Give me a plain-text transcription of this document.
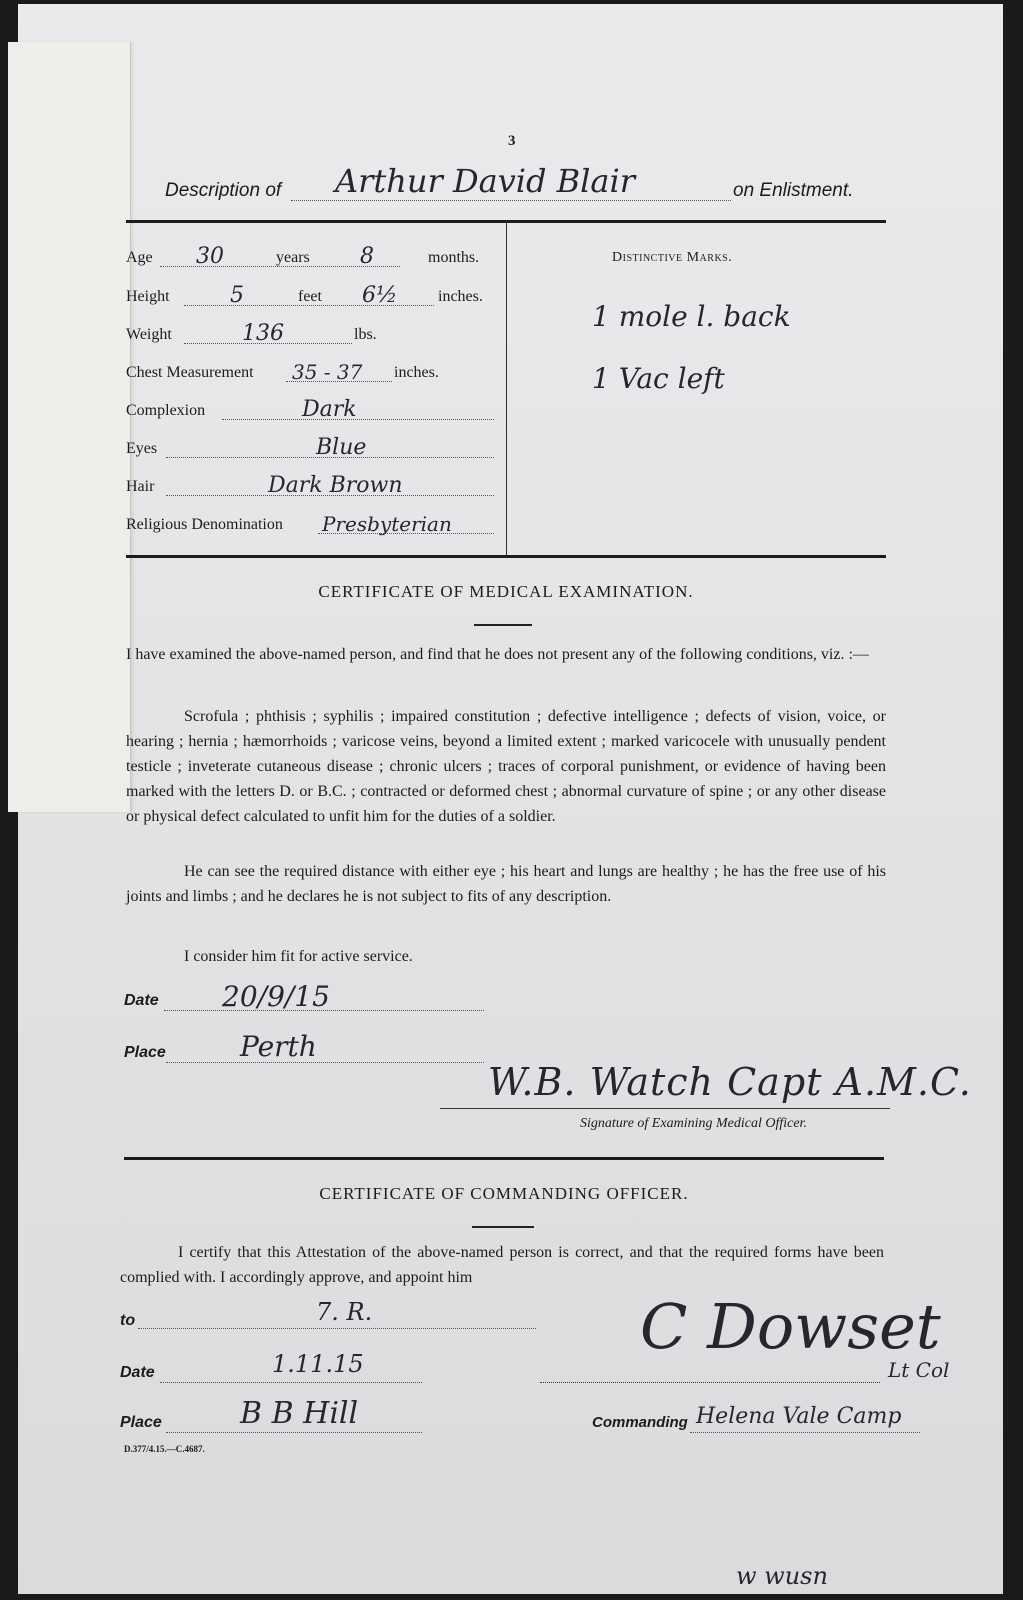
3
Description of Arthur David Blair	on Enlistment.
Age 30	years 8	months.
Height	5	feet 6½	inches.
Weight	136	lbs.
Chest Measurement 35 - 37 inches.
Complexion	Dark
Eyes	Blue
Hair	Dark Brown
Religious Denomination Presbyterian
Distinctive Marks.
1 mole l. back
1 Vac left
CERTIFICATE OF MEDICAL EXAMINATION.
I have examined the above-named person, and find that he does not present any of the following conditions, viz. :—
Scrofula ; phthisis ; syphilis ; impaired constitution ; defective intelligence ; defects of vision, voice, or hearing ; hernia ; hæmorrhoids ; varicose veins, beyond a limited extent ; marked varicocele with unusually pendent testicle ; inveterate cutaneous disease ; chronic ulcers ; traces of corporal punishment, or evidence of having been marked with the letters D. or B.C. ; contracted or deformed chest ; abnormal curvature of spine ; or any other disease or physical defect calculated to unfit him for the duties of a soldier.
He can see the required distance with either eye ; his heart and lungs are healthy ; he has the free use of his joints and limbs ; and he declares he is not subject to fits of any description.
I consider him fit for active service.
Date 20/9/15
Place	Perth
W.B. Watch Capt A.M.C.
Signature of Examining Medical Officer.
CERTIFICATE OF COMMANDING OFFICER.
I certify that this Attestation of the above-named person is correct, and that the required forms have been complied with. I accordingly approve, and appoint him
to	7. R.
Date	1.11.15
C Dowset
Lt Col
Place	B B Hill	Commanding Helena Vale Camp
D.377/4.15.—C.4687.
w wusn
